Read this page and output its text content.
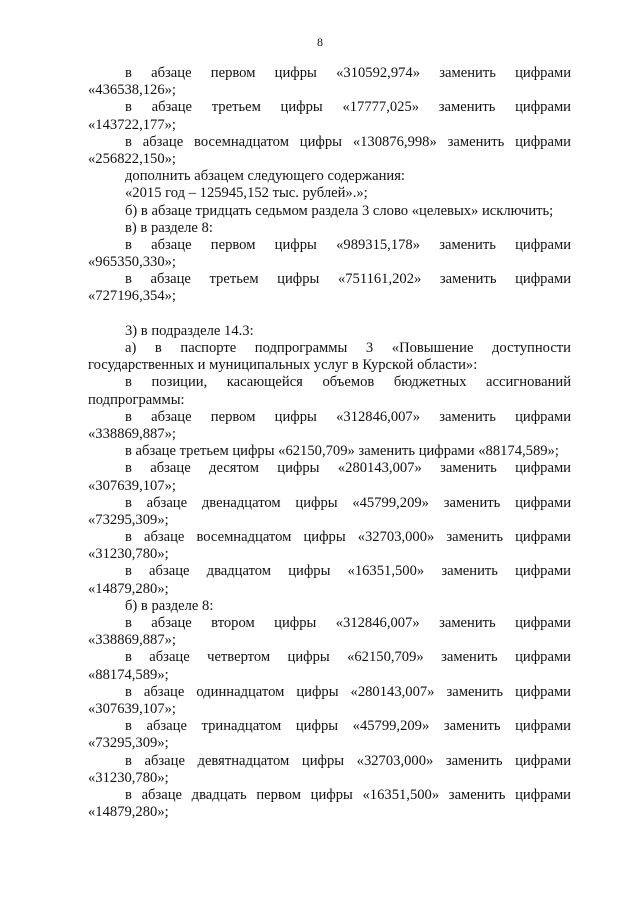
8
в абзаце первом цифры «310592,974» заменить цифрами
«436538,126»;
в абзаце третьем цифры «17777,025» заменить цифрами
«143722,177»;
в абзаце восемнадцатом цифры «130876,998» заменить цифрами
«256822,150»;
дополнить абзацем следующего содержания:
«2015 год – 125945,152 тыс. рублей».»;
б) в абзаце тридцать седьмом раздела 3 слово «целевых» исключить;
в) в разделе 8:
в абзаце первом цифры «989315,178» заменить цифрами
«965350,330»;
в абзаце третьем цифры «751161,202» заменить цифрами
«727196,354»;
3) в подразделе 14.3:
а) в паспорте подпрограммы 3 «Повышение доступности
государственных и муниципальных услуг в Курской области»:
в позиции, касающейся объемов бюджетных ассигнований
подпрограммы:
в абзаце первом цифры «312846,007» заменить цифрами
«338869,887»;
в абзаце третьем цифры «62150,709» заменить цифрами «88174,589»;
в абзаце десятом цифры «280143,007» заменить цифрами
«307639,107»;
в абзаце двенадцатом цифры «45799,209» заменить цифрами
«73295,309»;
в абзаце восемнадцатом цифры «32703,000» заменить цифрами
«31230,780»;
в абзаце двадцатом цифры «16351,500» заменить цифрами
«14879,280»;
б) в разделе 8:
в абзаце втором цифры «312846,007» заменить цифрами
«338869,887»;
в абзаце четвертом цифры «62150,709» заменить цифрами
«88174,589»;
в абзаце одиннадцатом цифры «280143,007» заменить цифрами
«307639,107»;
в абзаце тринадцатом цифры «45799,209» заменить цифрами
«73295,309»;
в абзаце девятнадцатом цифры «32703,000» заменить цифрами
«31230,780»;
в абзаце двадцать первом цифры «16351,500» заменить цифрами
«14879,280»;
